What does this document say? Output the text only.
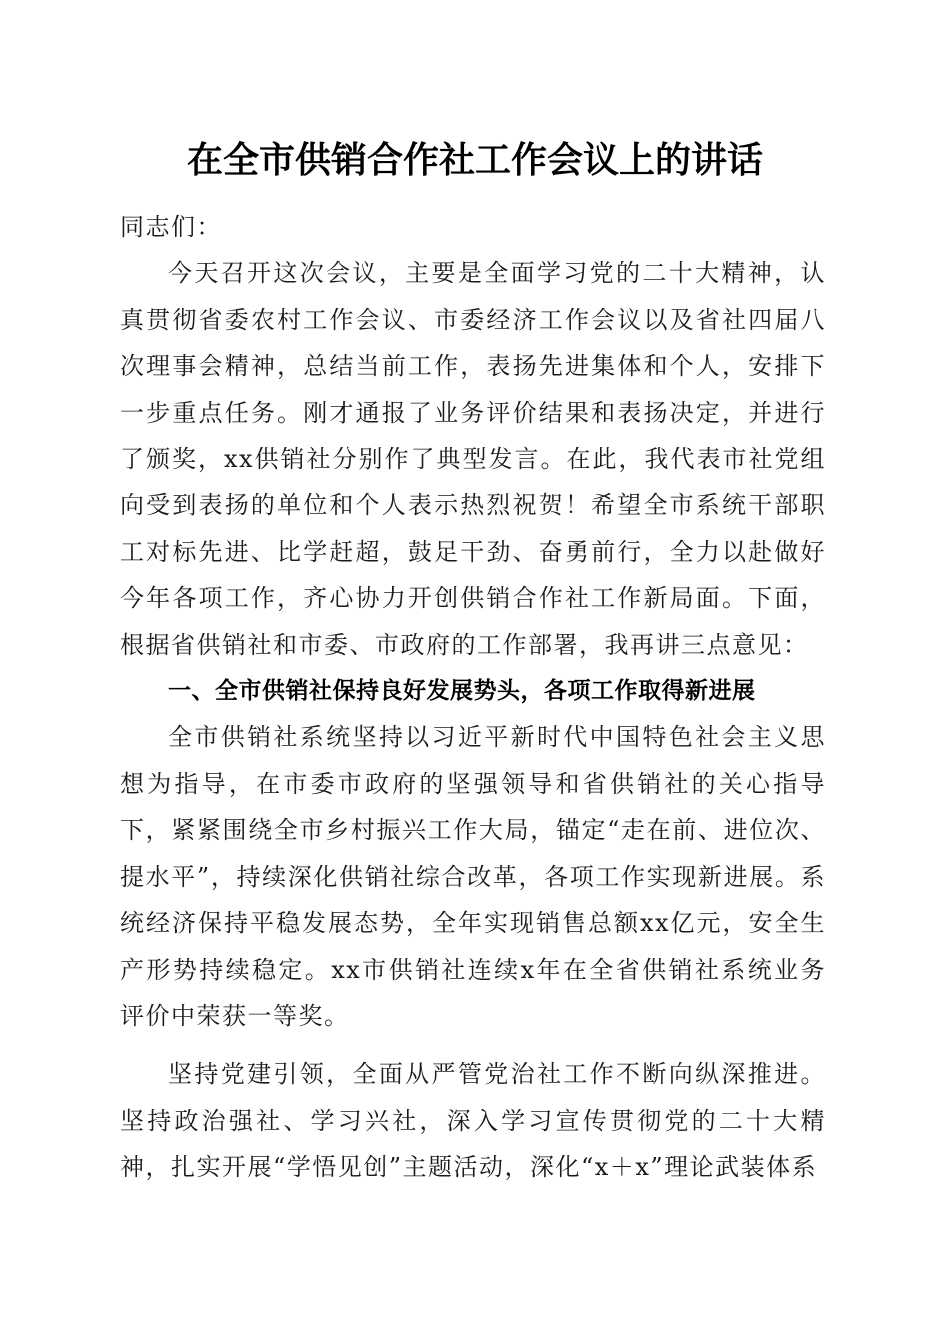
在全市供销合作社工作会议上的讲话

同志们：

今天召开这次会议，主要是全面学习党的二十大精神，认真贯彻省委农村工作会议、市委经济工作会议以及省社四届八次理事会精神，总结当前工作，表扬先进集体和个人，安排下一步重点任务。刚才通报了业务评价结果和表扬决定，并进行了颁奖，xx供销社分别作了典型发言。在此，我代表市社党组向受到表扬的单位和个人表示热烈祝贺！希望全市系统干部职工对标先进、比学赶超，鼓足干劲、奋勇前行，全力以赴做好今年各项工作，齐心协力开创供销合作社工作新局面。下面，根据省供销社和市委、市政府的工作部署，我再讲三点意见：

一、全市供销社保持良好发展势头，各项工作取得新进展

全市供销社系统坚持以习近平新时代中国特色社会主义思想为指导，在市委市政府的坚强领导和省供销社的关心指导下，紧紧围绕全市乡村振兴工作大局，锚定“走在前、进位次、提水平”，持续深化供销社综合改革，各项工作实现新进展。系统经济保持平稳发展态势，全年实现销售总额xx亿元，安全生产形势持续稳定。xx市供销社连续x年在全省供销社系统业务评价中荣获一等奖。

坚持党建引领，全面从严管党治社工作不断向纵深推进。坚持政治强社、学习兴社，深入学习宣传贯彻党的二十大精神，扎实开展“学悟见创”主题活动，深化“x＋x”理论武装体系
